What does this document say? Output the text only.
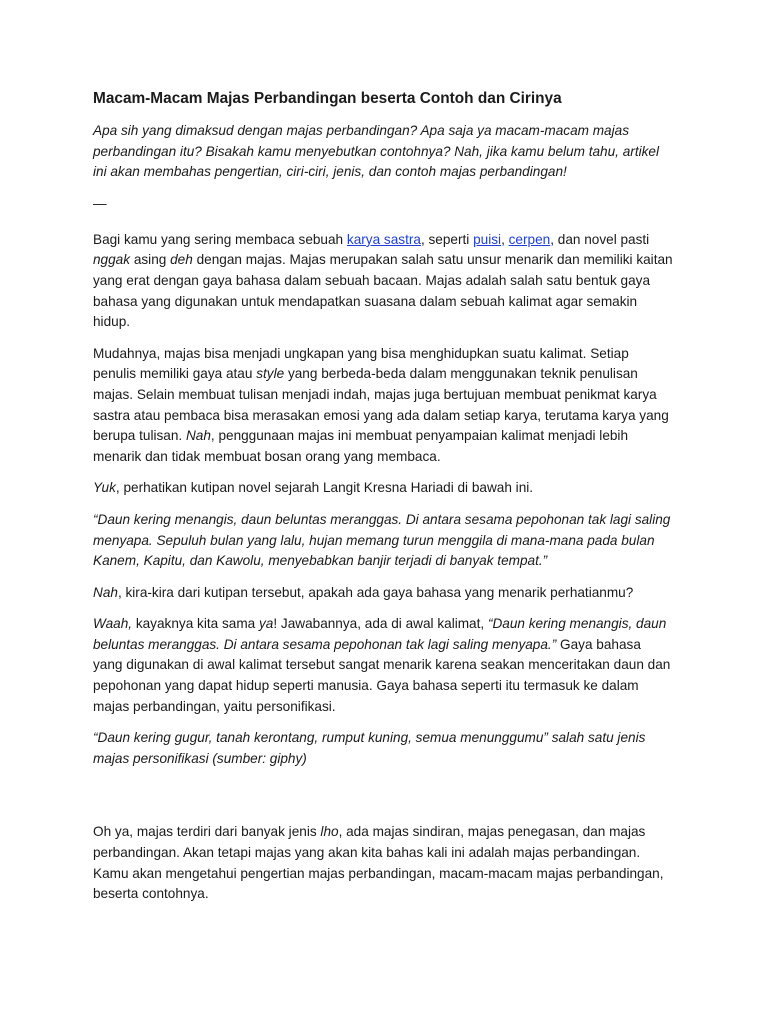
Macam-Macam Majas Perbandingan beserta Contoh dan Cirinya

Apa sih yang dimaksud dengan majas perbandingan? Apa saja ya macam-macam majas perbandingan itu? Bisakah kamu menyebutkan contohnya? Nah, jika kamu belum tahu, artikel ini akan membahas pengertian, ciri-ciri, jenis, dan contoh majas perbandingan!

—

Bagi kamu yang sering membaca sebuah karya sastra, seperti puisi, cerpen, dan novel pasti nggak asing deh dengan majas. Majas merupakan salah satu unsur menarik dan memiliki kaitan yang erat dengan gaya bahasa dalam sebuah bacaan. Majas adalah salah satu bentuk gaya bahasa yang digunakan untuk mendapatkan suasana dalam sebuah kalimat agar semakin hidup.

Mudahnya, majas bisa menjadi ungkapan yang bisa menghidupkan suatu kalimat. Setiap penulis memiliki gaya atau style yang berbeda-beda dalam menggunakan teknik penulisan majas. Selain membuat tulisan menjadi indah, majas juga bertujuan membuat penikmat karya sastra atau pembaca bisa merasakan emosi yang ada dalam setiap karya, terutama karya yang berupa tulisan. Nah, penggunaan majas ini membuat penyampaian kalimat menjadi lebih menarik dan tidak membuat bosan orang yang membaca.

Yuk, perhatikan kutipan novel sejarah Langit Kresna Hariadi di bawah ini.

“Daun kering menangis, daun beluntas meranggas. Di antara sesama pepohonan tak lagi saling menyapa. Sepuluh bulan yang lalu, hujan memang turun menggila di mana-mana pada bulan Kanem, Kapitu, dan Kawolu, menyebabkan banjir terjadi di banyak tempat.”

Nah, kira-kira dari kutipan tersebut, apakah ada gaya bahasa yang menarik perhatianmu?

Waah, kayaknya kita sama ya! Jawabannya, ada di awal kalimat, “Daun kering menangis, daun beluntas meranggas. Di antara sesama pepohonan tak lagi saling menyapa.” Gaya bahasa yang digunakan di awal kalimat tersebut sangat menarik karena seakan menceritakan daun dan pepohonan yang dapat hidup seperti manusia. Gaya bahasa seperti itu termasuk ke dalam majas perbandingan, yaitu personifikasi.

“Daun kering gugur, tanah kerontang, rumput kuning, semua menunggumu” salah satu jenis majas personifikasi (sumber: giphy)

Oh ya, majas terdiri dari banyak jenis lho, ada majas sindiran, majas penegasan, dan majas perbandingan. Akan tetapi majas yang akan kita bahas kali ini adalah majas perbandingan. Kamu akan mengetahui pengertian majas perbandingan, macam-macam majas perbandingan, beserta contohnya.
